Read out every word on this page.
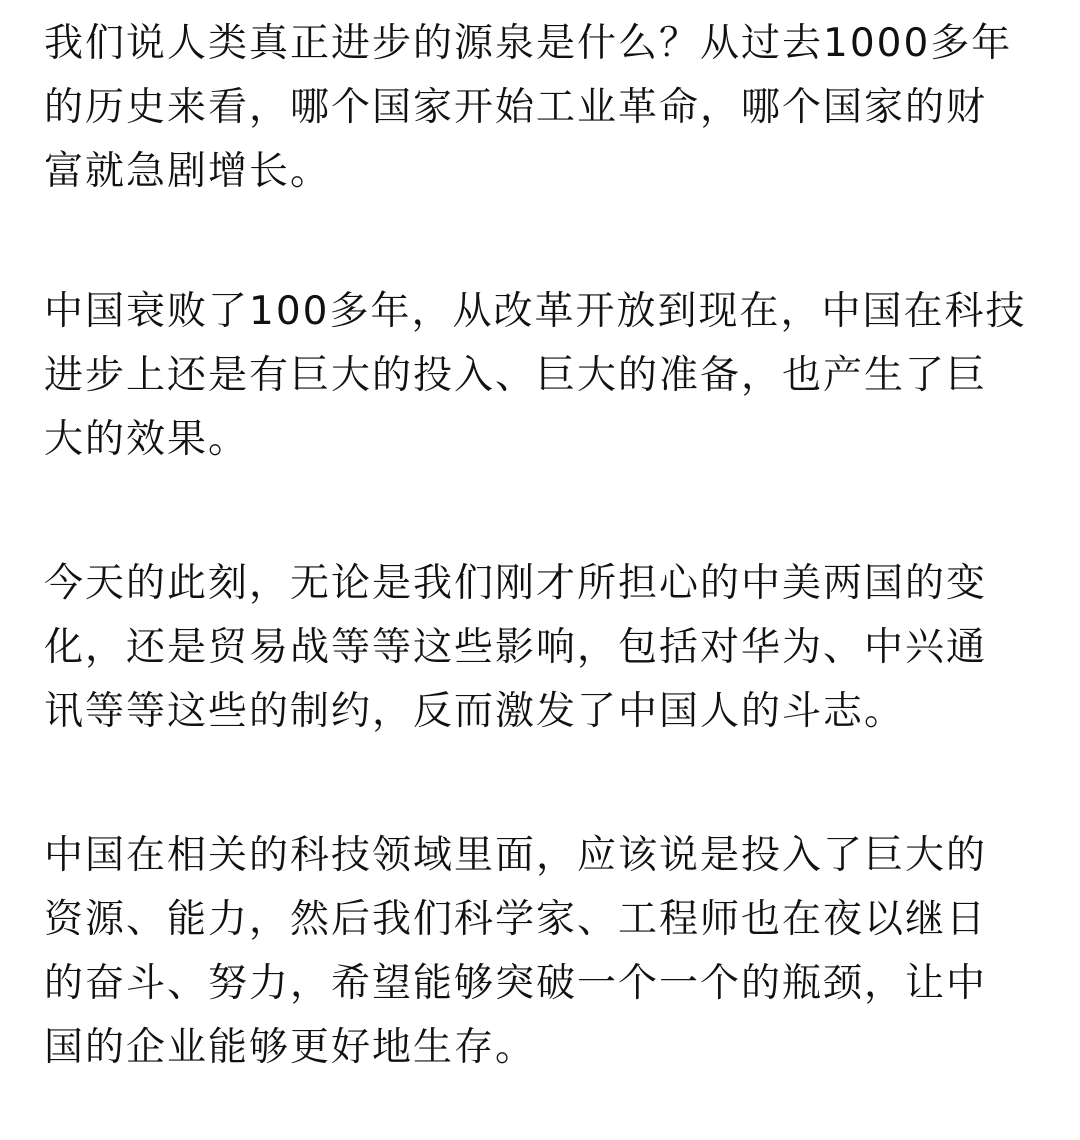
我们说人类真正进步的源泉是什么？从过去1000多年
的历史来看，哪个国家开始工业革命，哪个国家的财
富就急剧增长。

中国衰败了100多年，从改革开放到现在，中国在科技
进步上还是有巨大的投入、巨大的准备，也产生了巨
大的效果。

今天的此刻，无论是我们刚才所担心的中美两国的变
化，还是贸易战等等这些影响，包括对华为、中兴通
讯等等这些的制约，反而激发了中国人的斗志。

中国在相关的科技领域里面，应该说是投入了巨大的
资源、能力，然后我们科学家、工程师也在夜以继日
的奋斗、努力，希望能够突破一个一个的瓶颈，让中
国的企业能够更好地生存。
